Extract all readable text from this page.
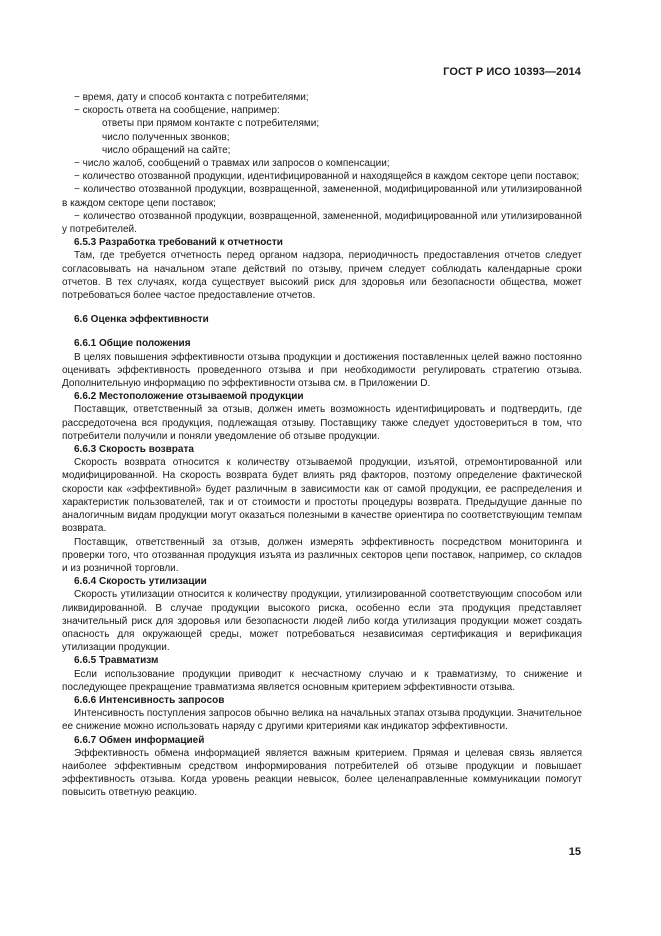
ГОСТ Р ИСО 10393—2014

− время, дату и способ контакта с потребителями;

− скорость ответа на сообщение, например:

ответы при прямом контакте с потребителями;

число полученных звонков;

число обращений на сайте;

− число жалоб, сообщений о травмах или запросов о компенсации;

− количество отозванной продукции, идентифицированной и находящейся в каждом секторе цепи поставок;

− количество отозванной продукции, возвращенной, замененной, модифицированной или утилизированной в каждом секторе цепи поставок;

− количество отозванной продукции, возвращенной, замененной, модифицированной или утилизированной у потребителей.

6.5.3 Разработка требований к отчетности

Там, где требуется отчетность перед органом надзора, периодичность предоставления отчетов следует согласовывать на начальном этапе действий по отзыву, причем следует соблюдать календарные сроки отчетов. В тех случаях, когда существует высокий риск для здоровья или безопасности общества, может потребоваться более частое предоставление отчетов.

6.6 Оценка эффективности

6.6.1 Общие положения

В целях повышения эффективности отзыва продукции и достижения поставленных целей важно постоянно оценивать эффективность проведенного отзыва и при необходимости регулировать стратегию отзыва. Дополнительную информацию по эффективности отзыва см. в Приложении D.

6.6.2 Местоположение отзываемой продукции

Поставщик, ответственный за отзыв, должен иметь возможность идентифицировать и подтвердить, где рассредоточена вся продукция, подлежащая отзыву. Поставщику также следует удостовериться в том, что потребители получили и поняли уведомление об отзыве продукции.

6.6.3 Скорость возврата

Скорость возврата относится к количеству отзываемой продукции, изъятой, отремонтированной или модифицированной. На скорость возврата будет влиять ряд факторов, поэтому определение фактической скорости как «эффективной» будет различным в зависимости как от самой продукции, ее распределения и характеристик пользователей, так и от стоимости и простоты процедуры возврата. Предыдущие данные по аналогичным видам продукции могут оказаться полезными в качестве ориентира по соответствующим темпам возврата.

Поставщик, ответственный за отзыв, должен измерять эффективность посредством мониторинга и проверки того, что отозванная продукция изъята из различных секторов цепи поставок, например, со складов и из розничной торговли.

6.6.4 Скорость утилизации

Скорость утилизации относится к количеству продукции, утилизированной соответствующим способом или ликвидированной. В случае продукции высокого риска, особенно если эта продукция представляет значительный риск для здоровья или безопасности людей либо когда утилизация продукции может создать опасность для окружающей среды, может потребоваться независимая сертификация и верификация утилизации продукции.

6.6.5 Травматизм

Если использование продукции приводит к несчастному случаю и к травматизму, то снижение и последующее прекращение травматизма является основным критерием эффективности отзыва.

6.6.6 Интенсивность запросов

Интенсивность поступления запросов обычно велика на начальных этапах отзыва продукции. Значительное ее снижение можно использовать наряду с другими критериями как индикатор эффективности.

6.6.7 Обмен информацией

Эффективность обмена информацией является важным критерием. Прямая и целевая связь является наиболее эффективным средством информирования потребителей об отзыве продукции и повышает эффективность отзыва. Когда уровень реакции невысок, более целенаправленные коммуникации помогут повысить ответную реакцию.

15
